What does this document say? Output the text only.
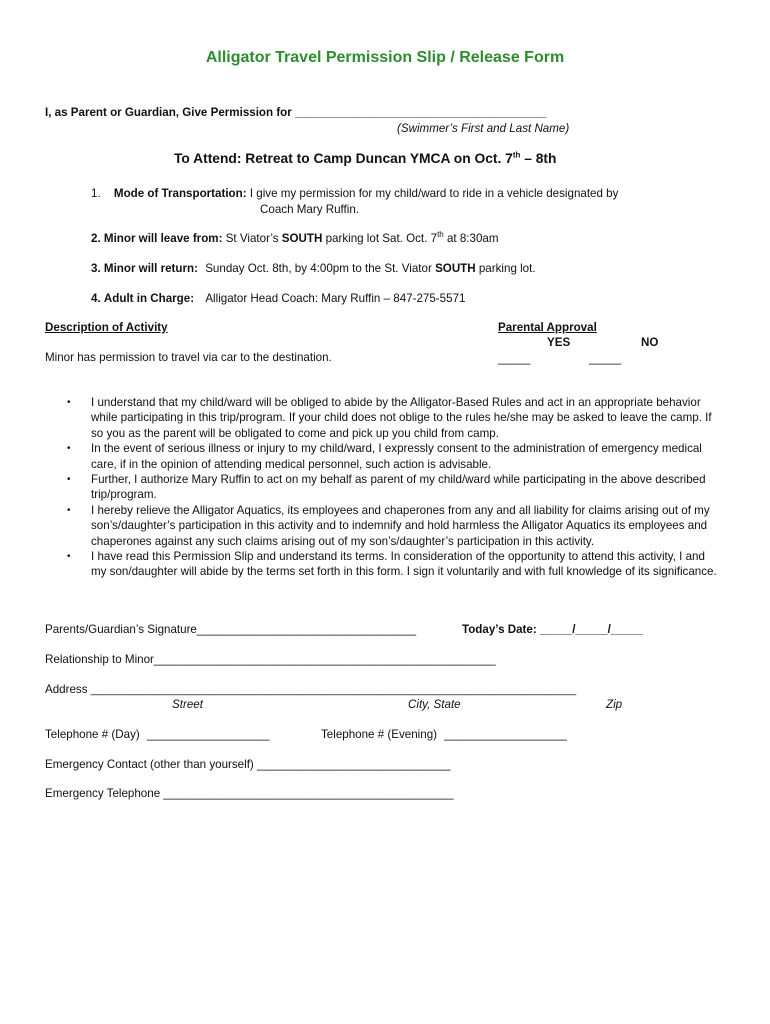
Alligator Travel Permission Slip / Release Form
I, as Parent or Guardian, Give Permission for _______________________________________
(Swimmer’s First and Last Name)
To Attend: Retreat to Camp Duncan YMCA on Oct. 7th – 8th
1. Mode of Transportation: I give my permission for my child/ward to ride in a vehicle designated by
Coach Mary Ruffin.
2. Minor will leave from: St Viator’s SOUTH parking lot Sat. Oct. 7th at 8:30am
3. Minor will return: Sunday Oct. 8th, by 4:00pm to the St. Viator SOUTH parking lot.
4. Adult in Charge: Alligator Head Coach: Mary Ruffin – 847-275-5571
Description of Activity	Parental Approval
YES	NO
Minor has permission to travel via car to the destination.	_____	_____
• I understand that my child/ward will be obliged to abide by the Alligator-Based Rules and act in an appropriate behavior while participating in this trip/program. If your child does not oblige to the rules he/she may be asked to leave the camp. If so you as the parent will be obligated to come and pick up you child from camp.
• In the event of serious illness or injury to my child/ward, I expressly consent to the administration of emergency medical care, if in the opinion of attending medical personnel, such action is advisable.
• Further, I authorize Mary Ruffin to act on my behalf as parent of my child/ward while participating in the above described trip/program.
• I hereby relieve the Alligator Aquatics, its employees and chaperones from any and all liability for claims arising out of my son’s/daughter’s participation in this activity and to indemnify and hold harmless the Alligator Aquatics its employees and chaperones against any such claims arising out of my son’s/daughter’s participation in this activity.
• I have read this Permission Slip and understand its terms. In consideration of the opportunity to attend this activity, I and my son/daughter will abide by the terms set forth in this form. I sign it voluntarily and with full knowledge of its significance.
Parents/Guardian’s Signature__________________________________	Today’s Date: _____/_____/_____
Relationship to Minor_____________________________________________________
Address ______________________________________________________________________________
Street	City, State	Zip
Telephone # (Day) ___________________	Telephone # (Evening) ___________________
Emergency Contact (other than yourself) ______________________________
Emergency Telephone _____________________________________________
